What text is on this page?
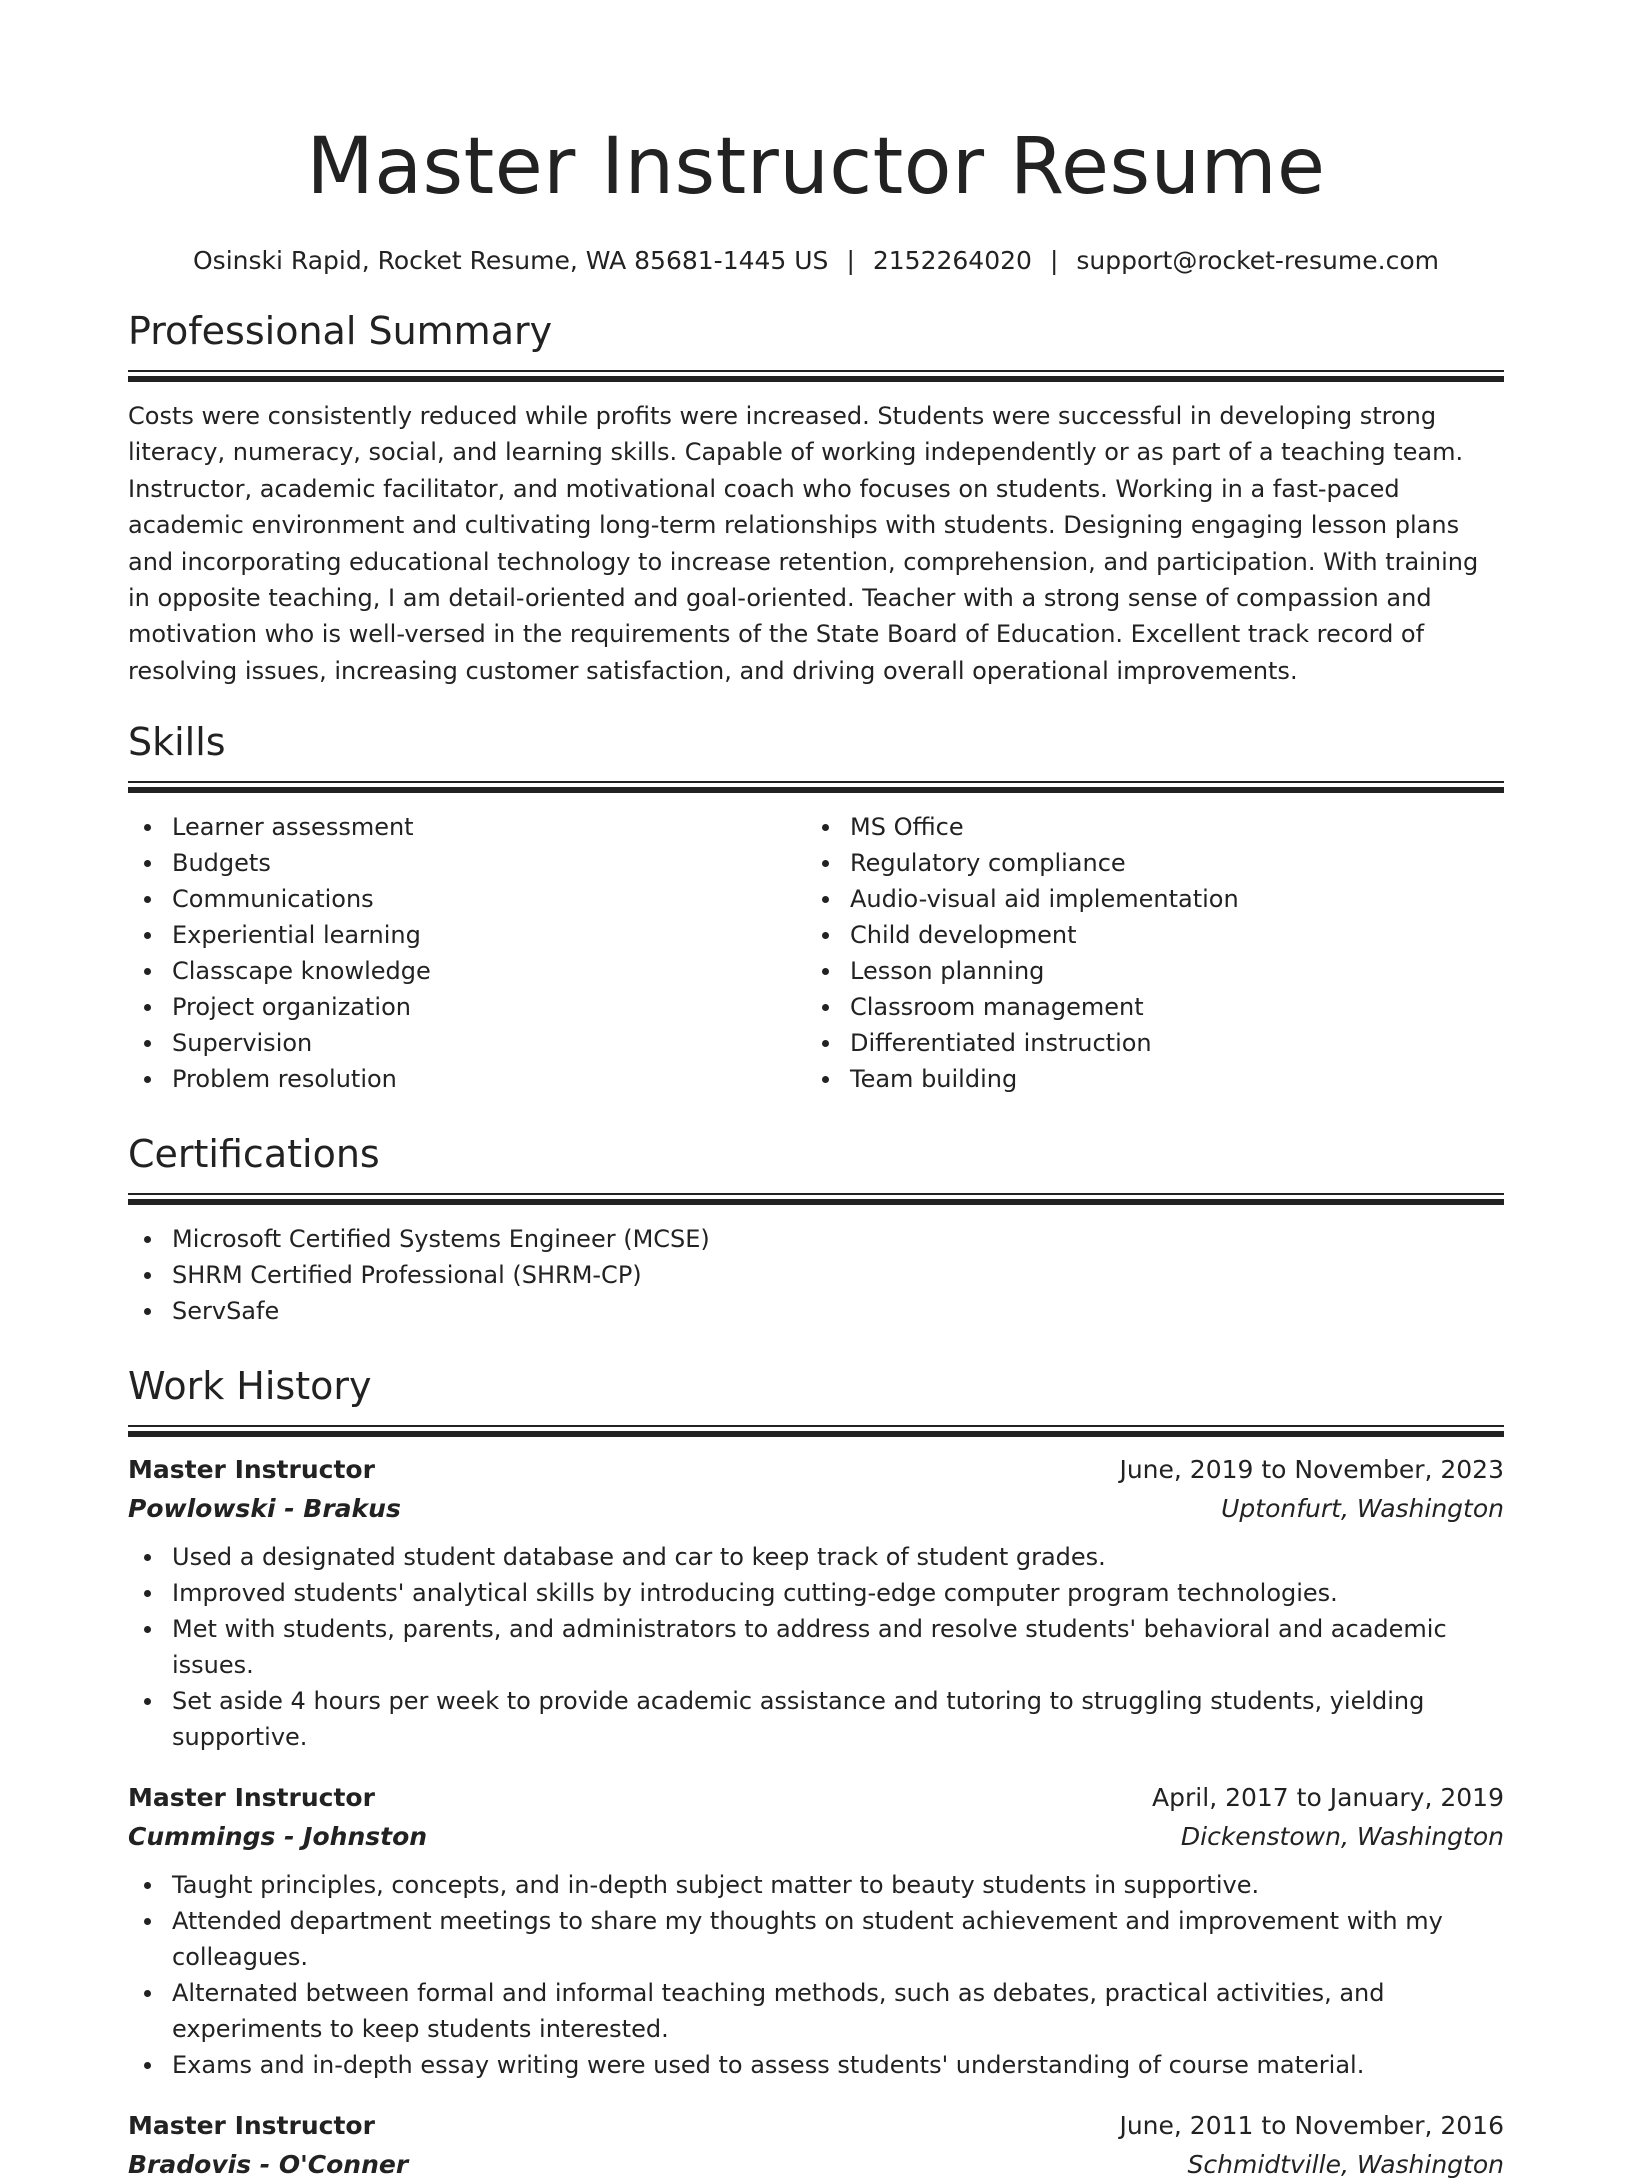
Master Instructor Resume
Osinski Rapid, Rocket Resume, WA 85681-1445 US | 2152264020 | support@rocket-resume.com
Professional Summary

Costs were consistently reduced while profits were increased. Students were successful in developing strong literacy, numeracy, social, and learning skills. Capable of working independently or as part of a teaching team. Instructor, academic facilitator, and motivational coach who focuses on students. Working in a fast-paced academic environment and cultivating long-term relationships with students. Designing engaging lesson plans and incorporating educational technology to increase retention, comprehension, and participation. With training in opposite teaching, I am detail-oriented and goal-oriented. Teacher with a strong sense of compassion and motivation who is well-versed in the requirements of the State Board of Education. Excellent track record of resolving issues, increasing customer satisfaction, and driving overall operational improvements.

Skills
Learner assessment
Budgets
Communications
Experiential learning
Classcape knowledge
Project organization
Supervision
Problem resolution
MS Office
Regulatory compliance
Audio-visual aid implementation
Child development
Lesson planning
Classroom management
Differentiated instruction
Team building
Certifications
Microsoft Certified Systems Engineer (MCSE)
SHRM Certified Professional (SHRM-CP)
ServSafe
Work History
Master Instructor	June, 2019 to November, 2023
Powlowski - Brakus	Uptonfurt, Washington
Used a designated student database and car to keep track of student grades.
Improved students' analytical skills by introducing cutting-edge computer program technologies.
Met with students, parents, and administrators to address and resolve students' behavioral and academic issues.
Set aside 4 hours per week to provide academic assistance and tutoring to struggling students, yielding supportive.
Master Instructor	April, 2017 to January, 2019
Cummings - Johnston	Dickenstown, Washington
Taught principles, concepts, and in-depth subject matter to beauty students in supportive.
Attended department meetings to share my thoughts on student achievement and improvement with my colleagues.
Alternated between formal and informal teaching methods, such as debates, practical activities, and experiments to keep students interested.
Exams and in-depth essay writing were used to assess students' understanding of course material.
Master Instructor	June, 2011 to November, 2016
Bradovis - O'Conner	Schmidtville, Washington
